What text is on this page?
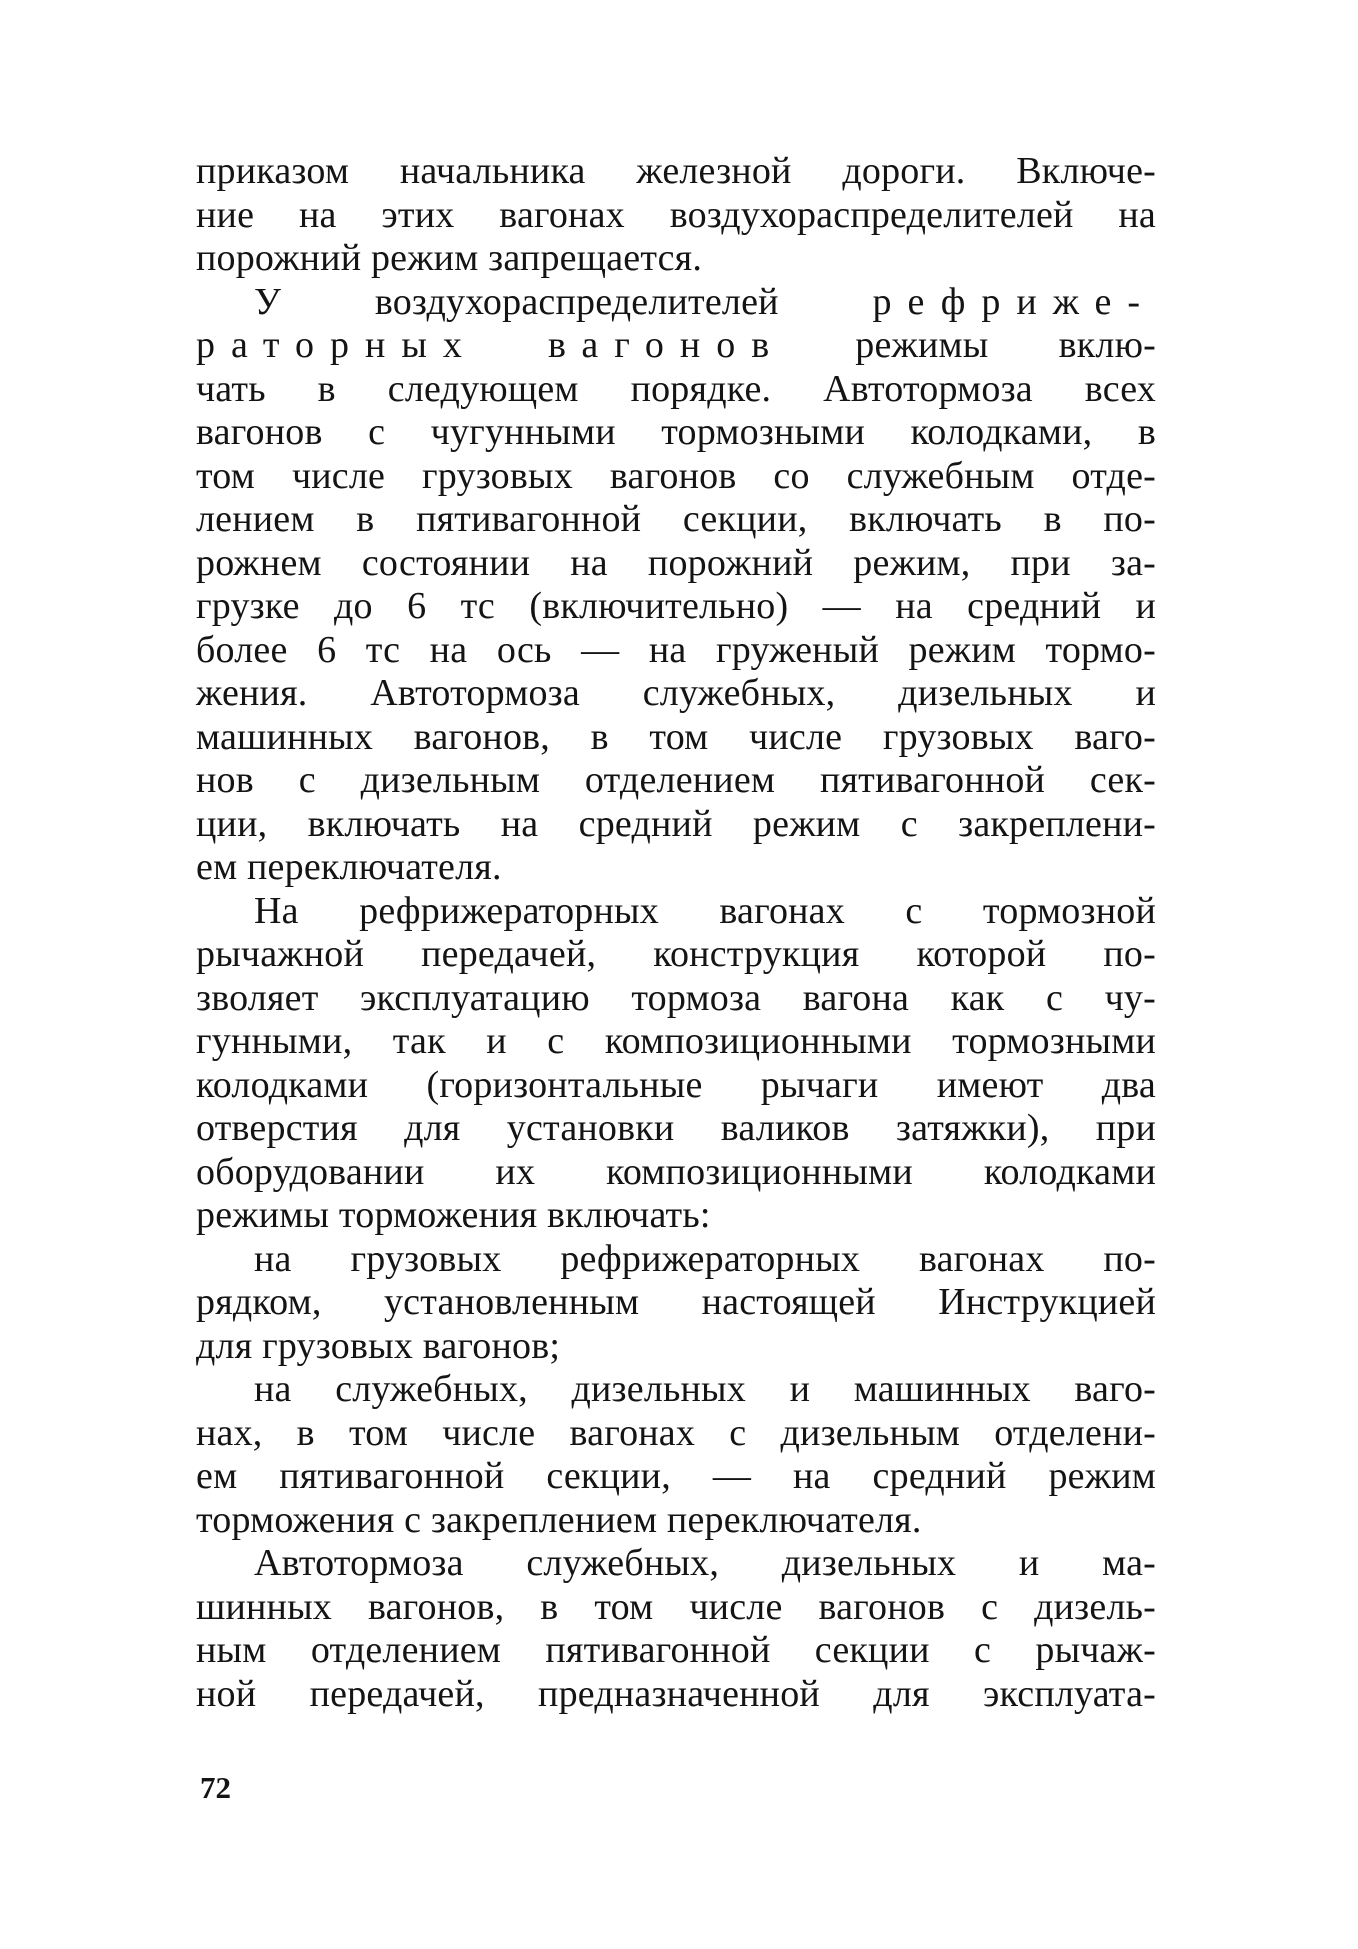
приказом начальника железной дороги. Включе-
ние на этих вагонах воздухораспределителей на
порожний режим запрещается.
У воздухораспределителей рефриже-
раторных вагонов режимы вклю-
чать в следующем порядке. Автотормоза всех
вагонов с чугунными тормозными колодками, в
том числе грузовых вагонов со служебным отде-
лением в пятивагонной секции, включать в по-
рожнем состоянии на порожний режим, при за-
грузке до 6 тс (включительно) — на средний и
более 6 тс на ось — на груженый режим тормо-
жения. Автотормоза служебных, дизельных и
машинных вагонов, в том числе грузовых ваго-
нов с дизельным отделением пятивагонной сек-
ции, включать на средний режим с закреплени-
ем переключателя.
На рефрижераторных вагонах с тормозной
рычажной передачей, конструкция которой по-
зволяет эксплуатацию тормоза вагона как с чу-
гунными, так и с композиционными тормозными
колодками (горизонтальные рычаги имеют два
отверстия для установки валиков затяжки), при
оборудовании их композиционными колодками
режимы торможения включать:
на грузовых рефрижераторных вагонах по-
рядком, установленным настоящей Инструкцией
для грузовых вагонов;
на служебных, дизельных и машинных ваго-
нах, в том числе вагонах с дизельным отделени-
ем пятивагонной секции, — на средний режим
торможения с закреплением переключателя.
Автотормоза служебных, дизельных и ма-
шинных вагонов, в том числе вагонов с дизель-
ным отделением пятивагонной секции с рычаж-
ной передачей, предназначенной для эксплуата-
72
